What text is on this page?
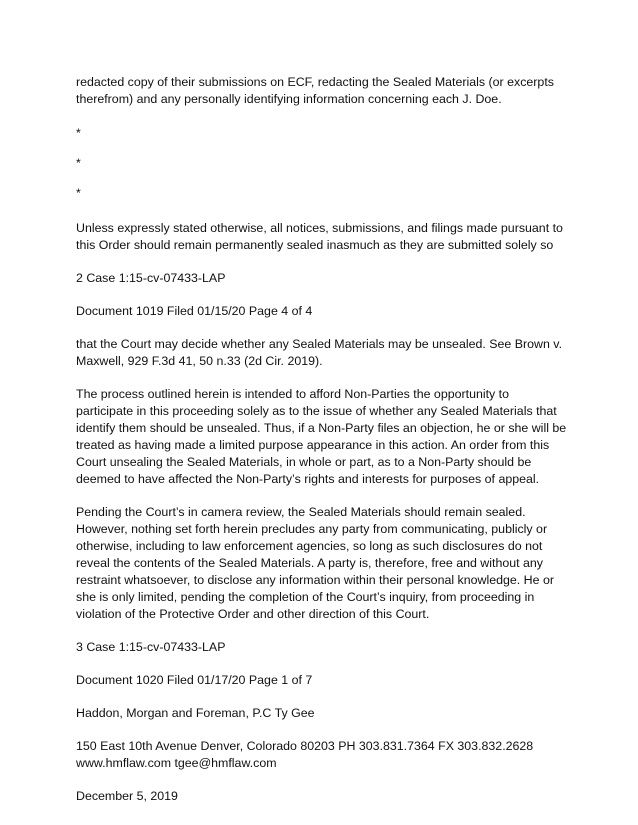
redacted copy of their submissions on ECF, redacting the Sealed Materials (or excerpts therefrom) and any personally identifying information concerning each J. Doe.

*
*
*

Unless expressly stated otherwise, all notices, submissions, and filings made pursuant to this Order should remain permanently sealed inasmuch as they are submitted solely so

2 Case 1:15-cv-07433-LAP

Document 1019 Filed 01/15/20 Page 4 of 4

that the Court may decide whether any Sealed Materials may be unsealed. See Brown v. Maxwell, 929 F.3d 41, 50 n.33 (2d Cir. 2019).

The process outlined herein is intended to afford Non-Parties the opportunity to participate in this proceeding solely as to the issue of whether any Sealed Materials that identify them should be unsealed. Thus, if a Non-Party files an objection, he or she will be treated as having made a limited purpose appearance in this action. An order from this Court unsealing the Sealed Materials, in whole or part, as to a Non-Party should be deemed to have affected the Non-Party’s rights and interests for purposes of appeal.

Pending the Court’s in camera review, the Sealed Materials should remain sealed. However, nothing set forth herein precludes any party from communicating, publicly or otherwise, including to law enforcement agencies, so long as such disclosures do not reveal the contents of the Sealed Materials. A party is, therefore, free and without any restraint whatsoever, to disclose any information within their personal knowledge. He or she is only limited, pending the completion of the Court’s inquiry, from proceeding in violation of the Protective Order and other direction of this Court.

3 Case 1:15-cv-07433-LAP

Document 1020 Filed 01/17/20 Page 1 of 7

Haddon, Morgan and Foreman, P.C Ty Gee

150 East 10th Avenue Denver, Colorado 80203 PH 303.831.7364 FX 303.832.2628 www.hmflaw.com tgee@hmflaw.com

December 5, 2019
